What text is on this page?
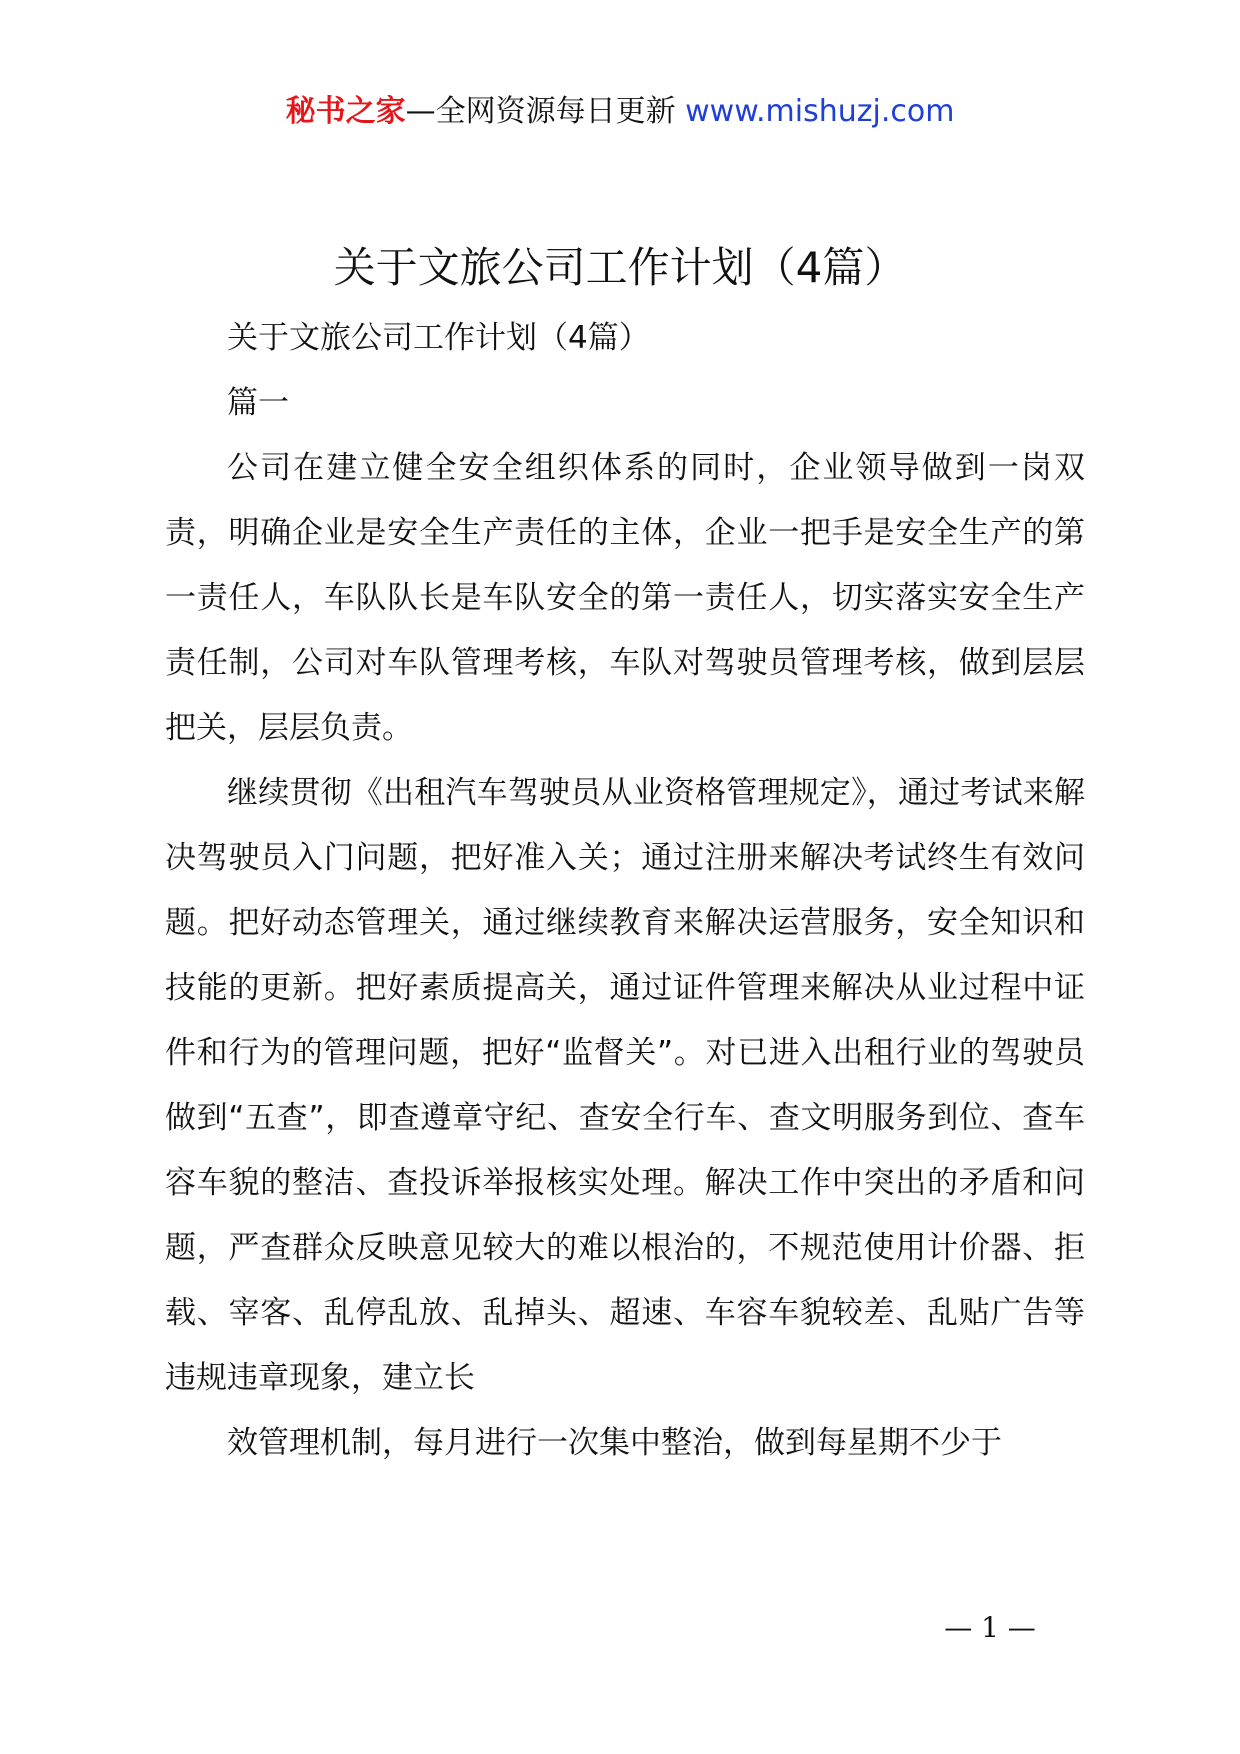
秘书之家—全网资源每日更新 www.mishuzj.com
关于文旅公司工作计划（4篇）

关于文旅公司工作计划（4篇）

篇一

公司在建立健全安全组织体系的同时，企业领导做到一岗双责，明确企业是安全生产责任的主体，企业一把手是安全生产的第一责任人，车队队长是车队安全的第一责任人，切实落实安全生产责任制，公司对车队管理考核，车队对驾驶员管理考核，做到层层把关，层层负责。

继续贯彻《出租汽车驾驶员从业资格管理规定》，通过考试来解决驾驶员入门问题，把好准入关；通过注册来解决考试终生有效问题。把好动态管理关，通过继续教育来解决运营服务，安全知识和技能的更新。把好素质提高关，通过证件管理来解决从业过程中证件和行为的管理问题，把好“监督关”。对已进入出租行业的驾驶员做到“五查”，即查遵章守纪、查安全行车、查文明服务到位、查车容车貌的整洁、查投诉举报核实处理。解决工作中突出的矛盾和问题，严查群众反映意见较大的难以根治的，不规范使用计价器、拒载、宰客、乱停乱放、乱掉头、超速、车容车貌较差、乱贴广告等违规违章现象，建立长

效管理机制，每月进行一次集中整治，做到每星期不少于

— 1 —
